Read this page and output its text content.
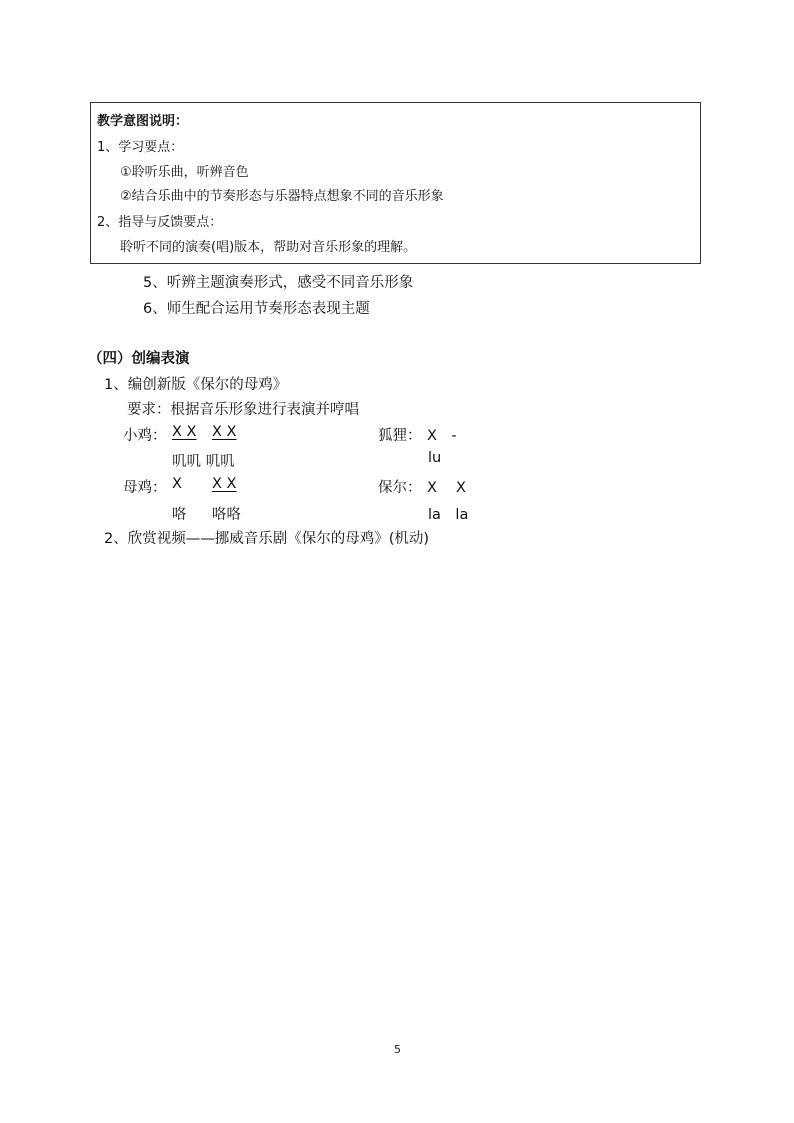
教学意图说明：
1、学习要点：
①聆听乐曲，听辨音色
②结合乐曲中的节奏形态与乐器特点想象不同的音乐形象
2、指导与反馈要点：
聆听不同的演奏(唱)版本，帮助对音乐形象的理解。
5、听辨主题演奏形式，感受不同音乐形象
6、师生配合运用节奏形态表现主题
（四）创编表演
1、编创新版《保尔的母鸡》
要求：根据音乐形象进行表演并哼唱
小鸡： X X X X
叽叽 叽叽
狐狸： X　-
lu
母鸡： X X X
咯 咯咯
保尔： X　 X
la　la
2、欣赏视频——挪威音乐剧《保尔的母鸡》(机动)
5
